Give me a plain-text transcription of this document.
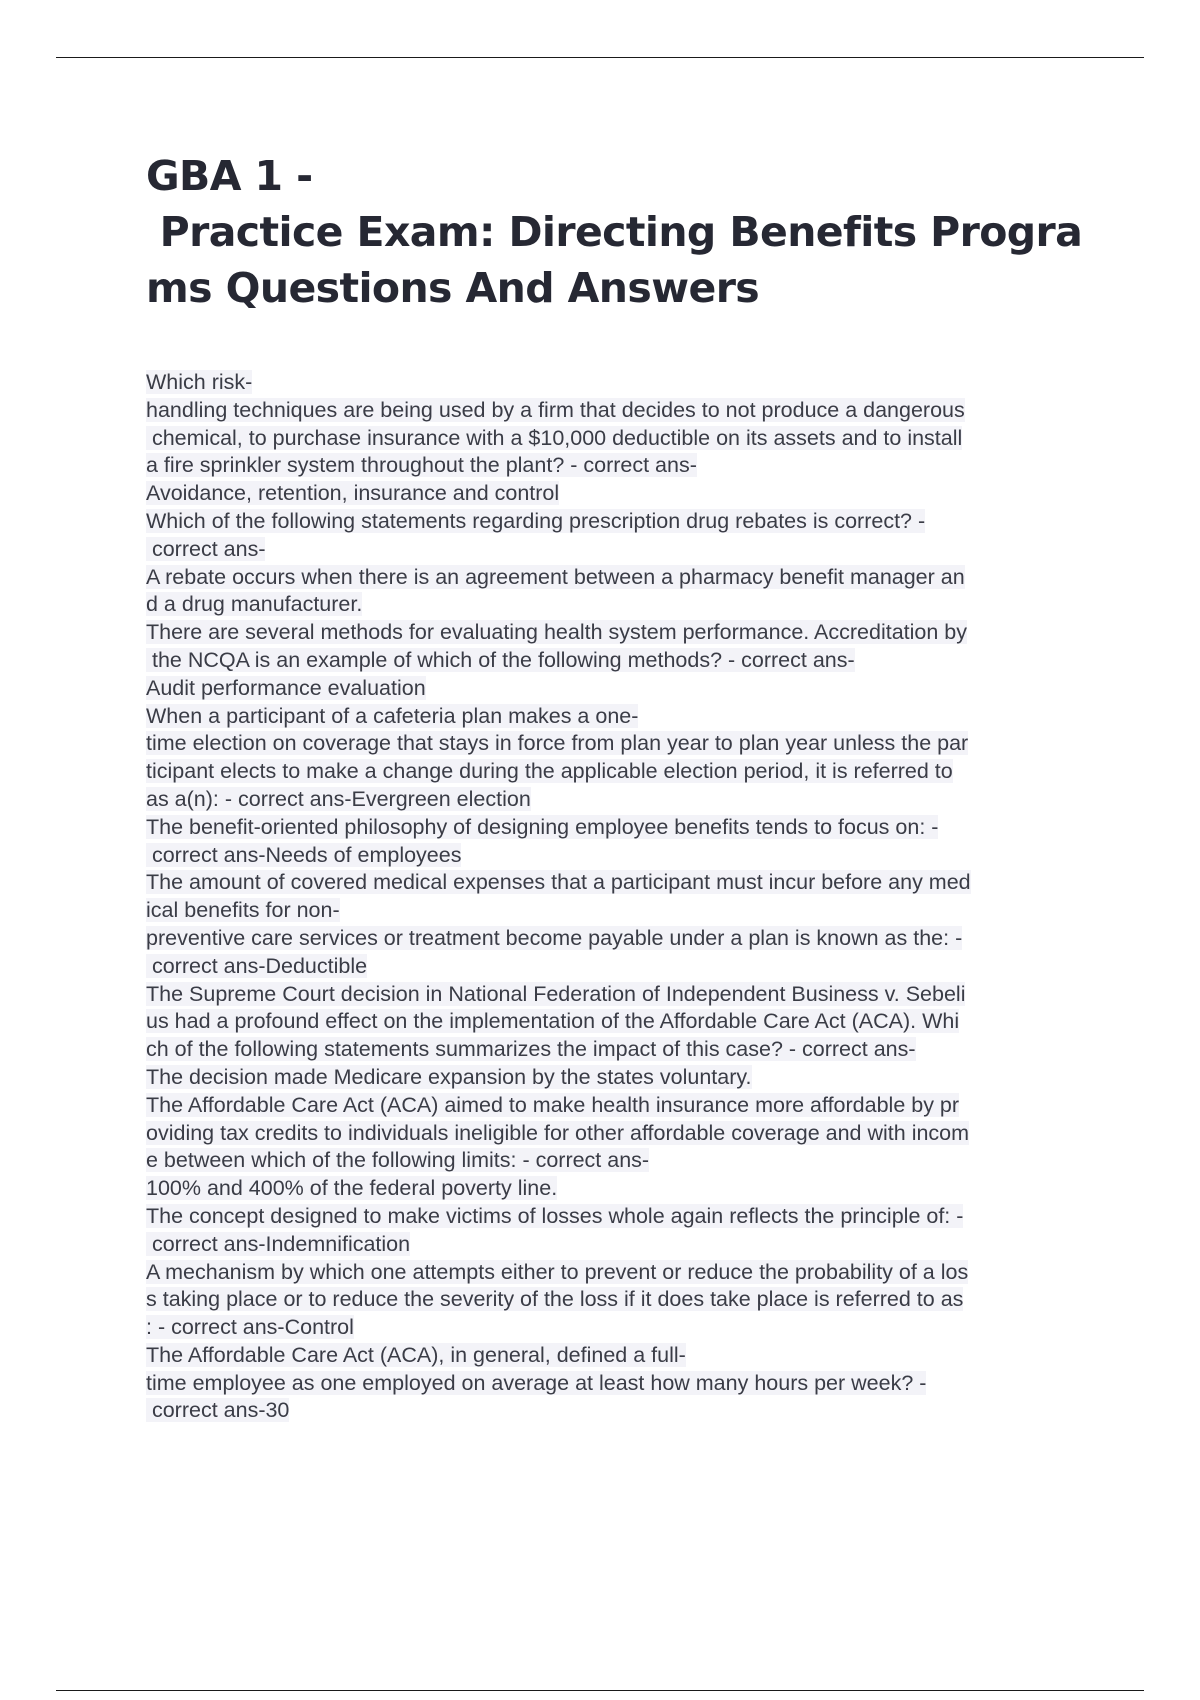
GBA 1 -
Practice Exam: Directing Benefits Progra
ms Questions And Answers
Which risk-
handling techniques are being used by a firm that decides to not produce a dangerous
chemical, to purchase insurance with a $10,000 deductible on its assets and to install
a fire sprinkler system throughout the plant? - correct ans-
Avoidance, retention, insurance and control
Which of the following statements regarding prescription drug rebates is correct? -
correct ans-
A rebate occurs when there is an agreement between a pharmacy benefit manager an
d a drug manufacturer.
There are several methods for evaluating health system performance. Accreditation by
the NCQA is an example of which of the following methods? - correct ans-
Audit performance evaluation
When a participant of a cafeteria plan makes a one-
time election on coverage that stays in force from plan year to plan year unless the par
ticipant elects to make a change during the applicable election period, it is referred to
as a(n): - correct ans-Evergreen election
The benefit-oriented philosophy of designing employee benefits tends to focus on: -
correct ans-Needs of employees
The amount of covered medical expenses that a participant must incur before any med
ical benefits for non-
preventive care services or treatment become payable under a plan is known as the: -
correct ans-Deductible
The Supreme Court decision in National Federation of Independent Business v. Sebeli
us had a profound effect on the implementation of the Affordable Care Act (ACA). Whi
ch of the following statements summarizes the impact of this case? - correct ans-
The decision made Medicare expansion by the states voluntary.
The Affordable Care Act (ACA) aimed to make health insurance more affordable by pr
oviding tax credits to individuals ineligible for other affordable coverage and with incom
e between which of the following limits: - correct ans-
100% and 400% of the federal poverty line.
The concept designed to make victims of losses whole again reflects the principle of: -
correct ans-Indemnification
A mechanism by which one attempts either to prevent or reduce the probability of a los
s taking place or to reduce the severity of the loss if it does take place is referred to as
: - correct ans-Control
The Affordable Care Act (ACA), in general, defined a full-
time employee as one employed on average at least how many hours per week? -
correct ans-30
